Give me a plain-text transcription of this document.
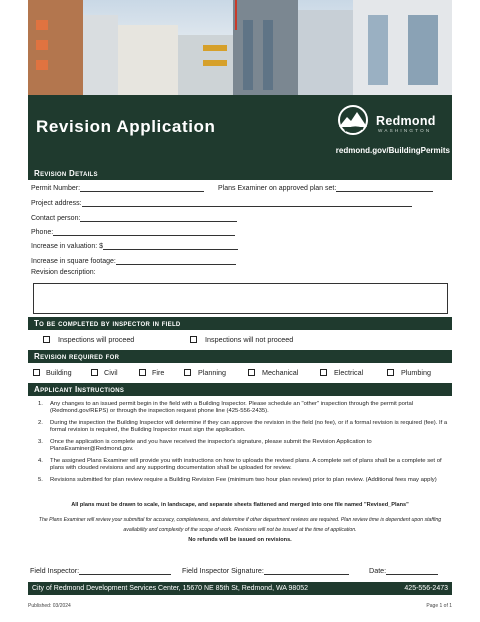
Revision Application	Redmond
WASHINGTON
redmond.gov/BuildingPermits
Revision Details
Permit Number:	Plans Examiner on approved plan set:
Project address:
Contact person:
Phone:
Increase in valuation: $
Increase in square footage:
Revision description:
To be completed by inspector in field
Inspections will proceed	Inspections will not proceed
Revision required for
Building	Civil	Fire	Planning	Mechanical	Electrical	Plumbing
Applicant Instructions
1. Any changes to an issued permit begin in the field with a Building Inspector. Please schedule an "other" inspection through the permit portal (Redmond.gov/REPS) or through the inspection request phone line (425-556-2435).
2. During the inspection the Building Inspector will determine if they can approve the revision in the field (no fee), or if a formal revision is required (fee). If a formal revision is required, the Building Inspector must sign the application.
3. Once the application is complete and you have received the inspector's signature, please submit the Revision Application to PlansExaminer@Redmond.gov.
4. The assigned Plans Examiner will provide you with instructions on how to uploads the revised plans. A complete set of plans shall be a complete set of plans with clouded revisions and any supporting documentation shall be uploaded for review.
5. Revisions submitted for plan review require a Building Revision Fee (minimum two hour plan review) prior to plan review. (Additional fees may apply)
All plans must be drawn to scale, in landscape, and separate sheets flattened and merged into one file named "Revised_Plans"
The Plans Examiner will review your submittal for accuracy, completeness, and determine if other department reviews are required. Plan review time is dependent upon staffing availability and complexity of the scope of work. Revisions will not be issued at the time of application.
No refunds will be issued on revisions.
Field Inspector:	Field Inspector Signature:	Date:
City of Redmond Development Services Center, 15670 NE 85th St, Redmond, WA 98052	425-556-2473
Published: 03/2024	Page 1 of 1
